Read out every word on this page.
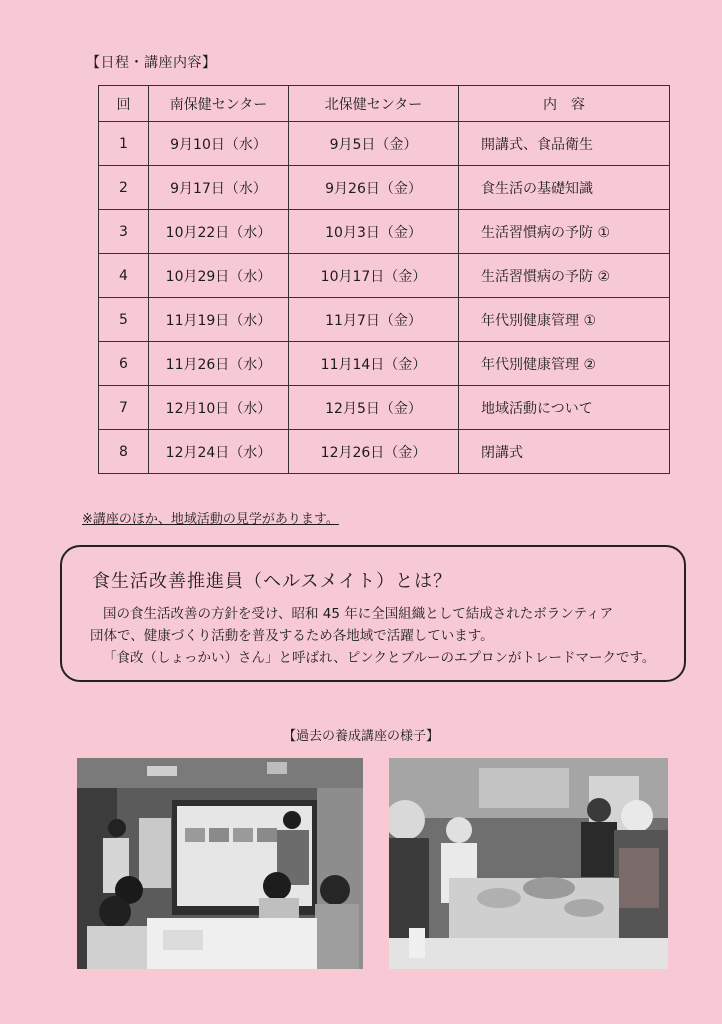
【日程・講座内容】
回	南保健センター	北保健センター	内　容
1	9月10日（水）	9月5日（金）	開講式、食品衛生
2	9月17日（水）	9月26日（金）	食生活の基礎知識
3	10月22日（水）	10月3日（金）	生活習慣病の予防 ①
4	10月29日（水）	10月17日（金）	生活習慣病の予防 ②
5	11月19日（水）	11月7日（金）	年代別健康管理 ①
6	11月26日（水）	11月14日（金）	年代別健康管理 ②
7	12月10日（水）	12月5日（金）	地域活動について
8	12月24日（水）	12月26日（金）	閉講式
※講座のほか、地域活動の見学があります。
食生活改善推進員（ヘルスメイト）とは？

国の食生活改善の方針を受け、昭和 45 年に全国組織として結成されたボランティア

団体で、健康づくり活動を普及するため各地域で活躍しています。

「食改（しょっかい）さん」と呼ばれ、ピンクとブルーのエプロンがトレードマークです。

【過去の養成講座の様子】
